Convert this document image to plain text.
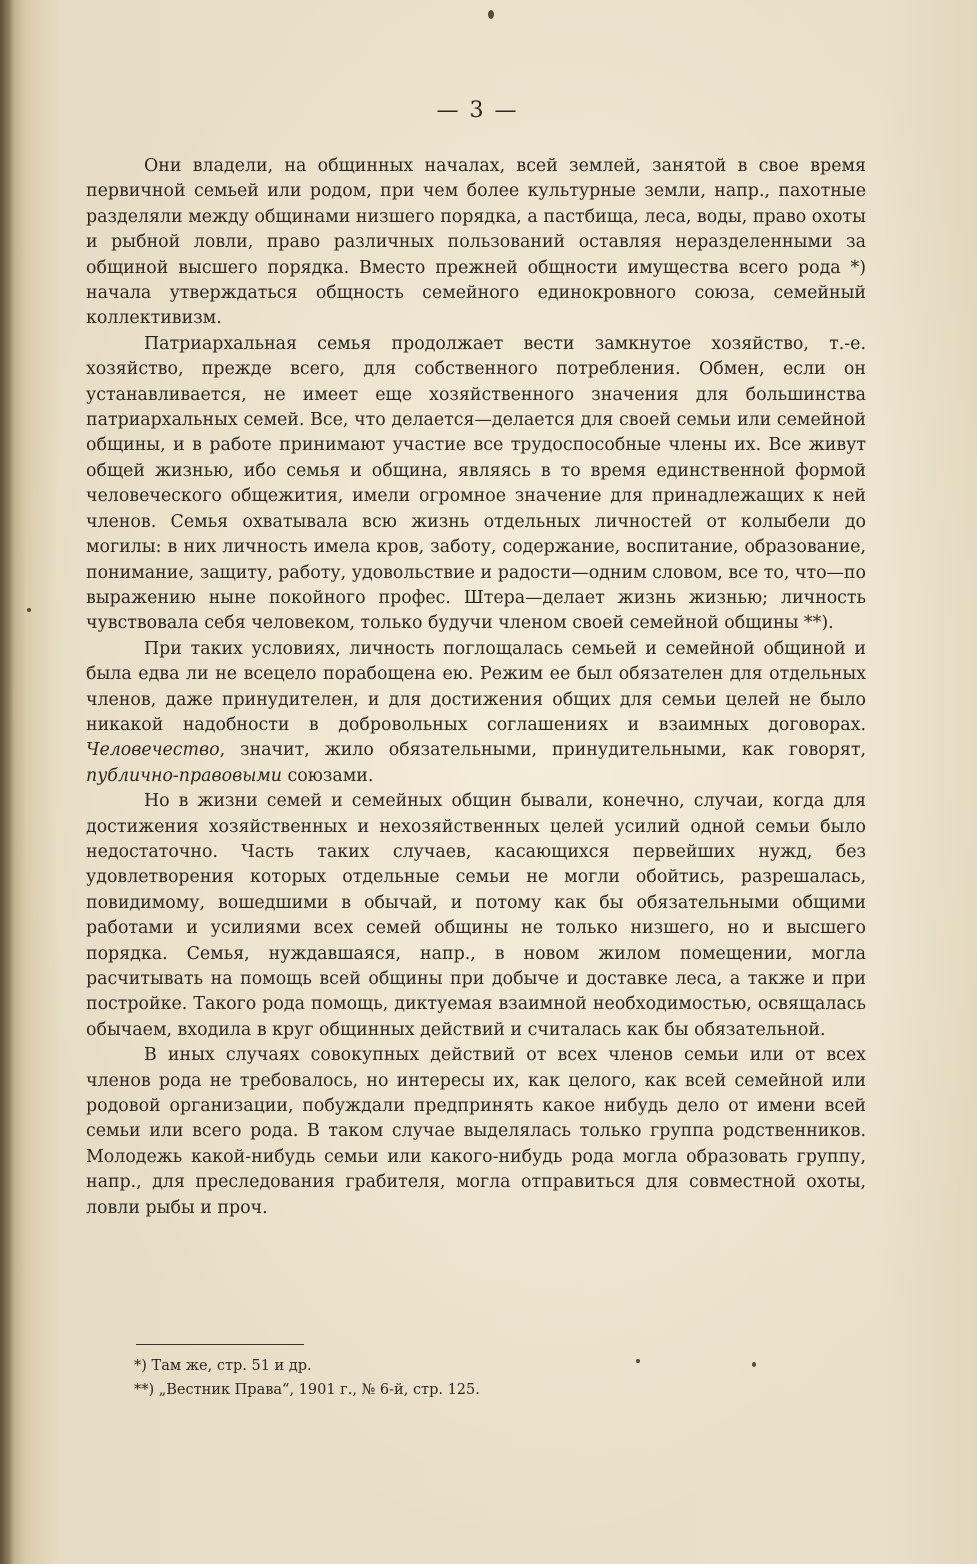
— 3 —

Они владели, на общинных началах, всей землей, занятой в свое время первичной семьей или родом, при чем более культурные земли, напр., пахотные разделяли между общинами низшего порядка, а пастбища, леса, воды, право охоты и рыбной ловли, право различных пользований оставляя неразделенными за общиной высшего порядка. Вместо прежней общности имущества всего рода *) начала утверждаться общность семейного единокровного союза, семейный коллективизм.

Патриархальная семья продолжает вести замкнутое хозяйство, т.-е. хозяйство, прежде всего, для собственного потребления. Обмен, если он устанавливается, не имеет еще хозяйственного значения для большинства патриархальных семей. Все, что делается—делается для своей семьи или семейной общины, и в работе принимают участие все трудоспособные члены их. Все живут общей жизнью, ибо семья и община, являясь в то время единственной формой человеческого общежития, имели огромное значение для принадлежащих к ней членов. Семья охватывала всю жизнь отдельных личностей от колыбели до могилы: в них личность имела кров, заботу, содержание, воспитание, образование, понимание, защиту, работу, удовольствие и радости—одним словом, все то, что—по выражению ныне покойного профес. Штера—делает жизнь жизнью; личность чувствовала себя человеком, только будучи членом своей семейной общины **).

При таких условиях, личность поглощалась семьей и семейной общиной и была едва ли не всецело порабощена ею. Режим ее был обязателен для отдельных членов, даже принудителен, и для достижения общих для семьи целей не было никакой надобности в добровольных соглашениях и взаимных договорах. Человечество, значит, жило обязательными, принудительными, как говорят, публично-правовыми союзами.

Но в жизни семей и семейных общин бывали, конечно, случаи, когда для достижения хозяйственных и нехозяйственных целей усилий одной семьи было недостаточно. Часть таких случаев, касающихся первейших нужд, без удовлетворения которых отдельные семьи не могли обойтись, разрешалась, повидимому, вошедшими в обычай, и потому как бы обязательными общими работами и усилиями всех семей общины не только низшего, но и высшего порядка. Семья, нуждавшаяся, напр., в новом жилом помещении, могла расчитывать на помощь всей общины при добыче и доставке леса, а также и при постройке. Такого рода помощь, диктуемая взаимной необходимостью, освящалась обычаем, входила в круг общинных действий и считалась как бы обязательной.

В иных случаях совокупных действий от всех членов семьи или от всех членов рода не требовалось, но интересы их, как целого, как всей семейной или родовой организации, побуждали предпринять какое нибудь дело от имени всей семьи или всего рода. В таком случае выделялась только группа родственников. Молодежь какой-нибудь семьи или какого-нибудь рода могла образовать группу, напр., для преследования грабителя, могла отправиться для совместной охоты, ловли рыбы и проч.

*) Там же, стр. 51 и др.

**) „Вестник Права“, 1901 г., № 6-й, стр. 125.
